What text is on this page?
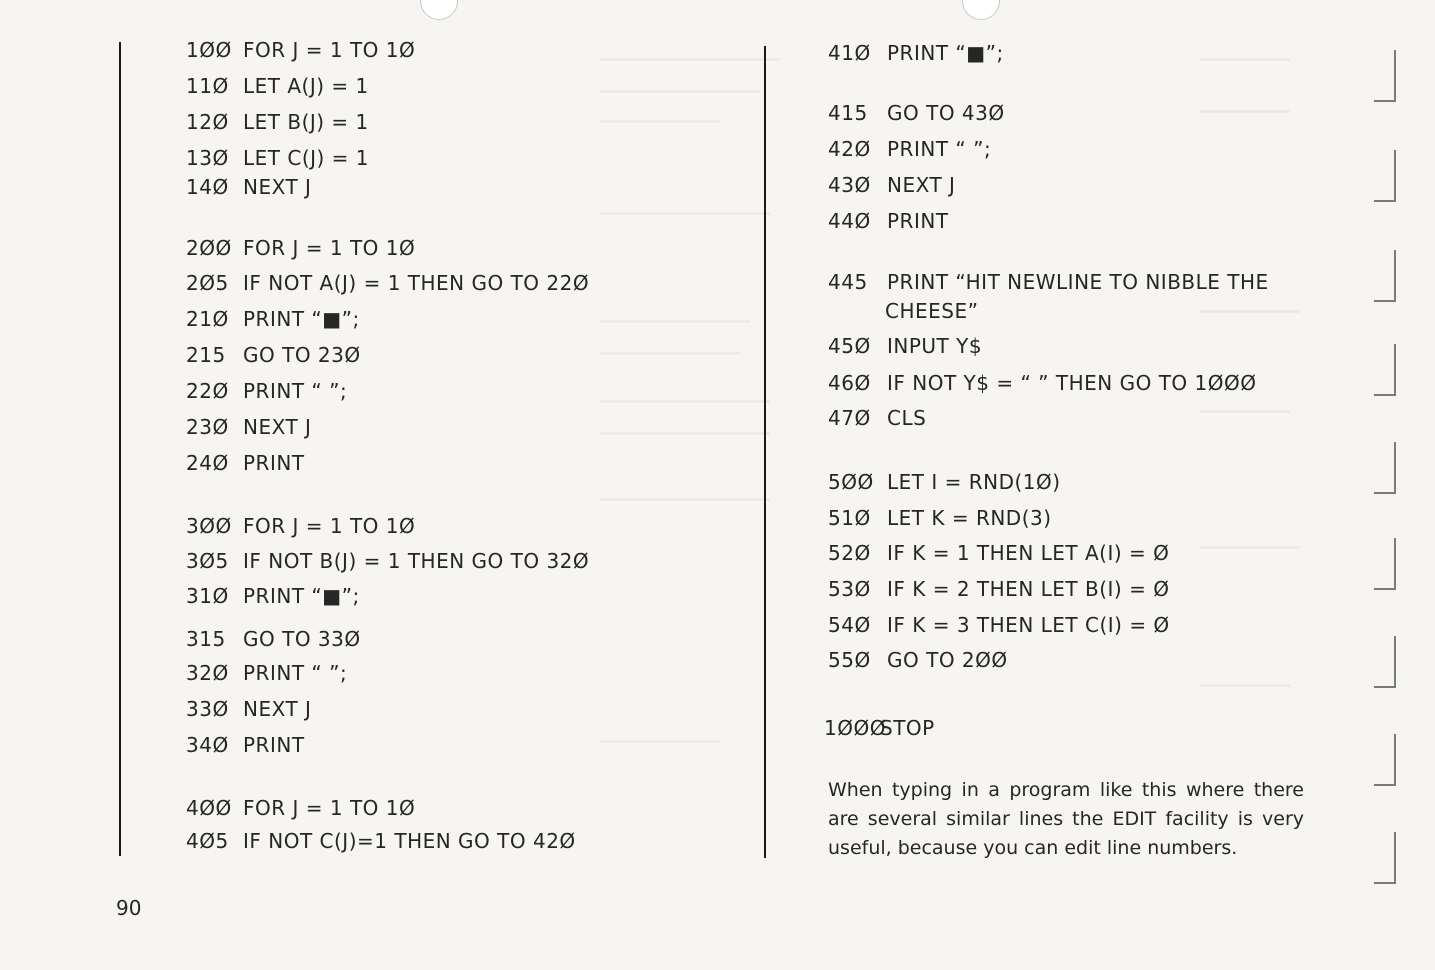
1ØØ FOR J = 1 TO 1Ø
11Ø LET A(J) = 1
12Ø LET B(J) = 1
13Ø LET C(J) = 1
14Ø NEXT J
2ØØ FOR J = 1 TO 1Ø
2Ø5 IF NOT A(J) = 1 THEN GO TO 22Ø
21Ø PRINT “■”;
215 GO TO 23Ø
22Ø PRINT “ ”;
23Ø NEXT J
24Ø PRINT
3ØØ FOR J = 1 TO 1Ø
3Ø5 IF NOT B(J) = 1 THEN GO TO 32Ø
31Ø PRINT “■”;
315 GO TO 33Ø
32Ø PRINT “ ”;
33Ø NEXT J
34Ø PRINT
4ØØ FOR J = 1 TO 1Ø
4Ø5 IF NOT C(J)=1 THEN GO TO 42Ø
90
41Ø PRINT “■”;
415 GO TO 43Ø
42Ø PRINT “ ”;
43Ø NEXT J
44Ø PRINT
445 PRINT “HIT NEWLINE TO NIBBLE THE
CHEESE”
45Ø INPUT Y$
46Ø IF NOT Y$ = “ ” THEN GO TO 1ØØØ
47Ø CLS
5ØØ LET I = RND(1Ø)
51Ø LET K = RND(3)
52Ø IF K = 1 THEN LET A(I) = Ø
53Ø IF K = 2 THEN LET B(I) = Ø
54Ø IF K = 3 THEN LET C(I) = Ø
55Ø GO TO 2ØØ
1ØØØ
STOP
When typing in a program like this where there are several similar lines the EDIT facility is very useful, because you can edit line numbers.
